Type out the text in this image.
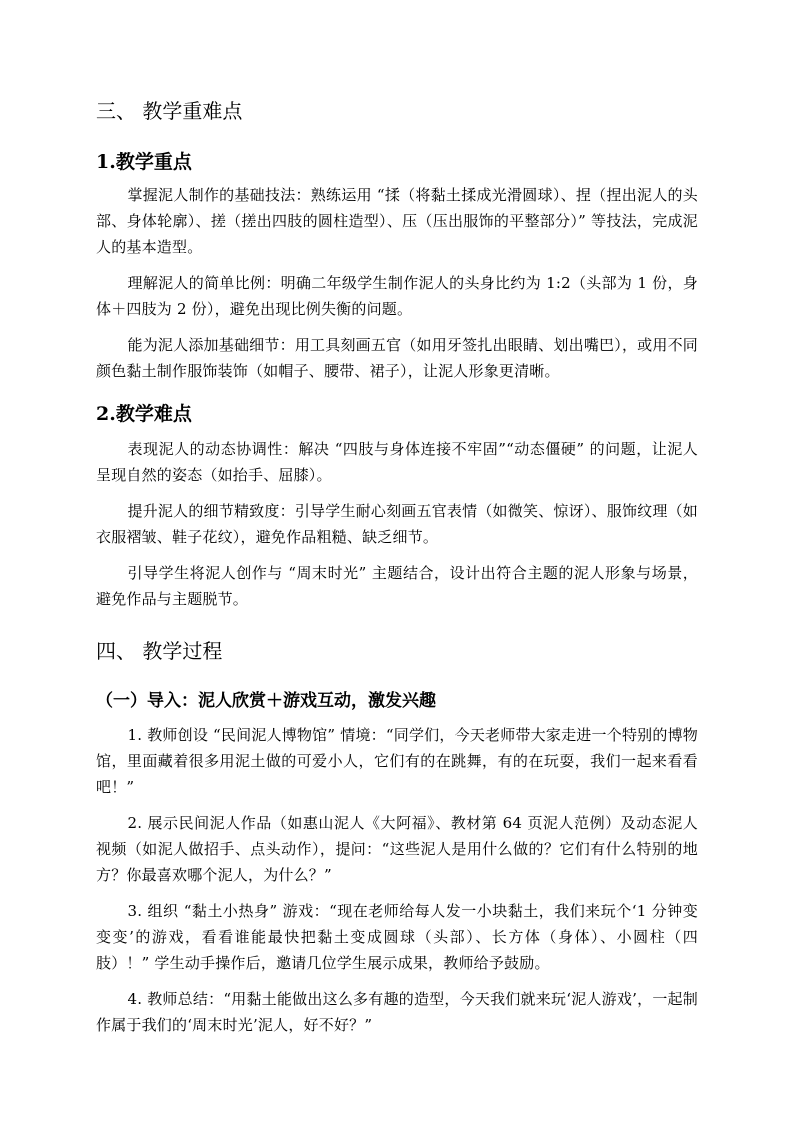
三、 教学重难点
1.教学重点

掌握泥人制作的基础技法：熟练运用 “揉（将黏土揉成光滑圆球）、捏（捏出泥人的头部、身体轮廓）、搓（搓出四肢的圆柱造型）、压（压出服饰的平整部分）” 等技法，完成泥人的基本造型。

理解泥人的简单比例：明确二年级学生制作泥人的头身比约为 1:2（头部为 1 份，身体＋四肢为 2 份），避免出现比例失衡的问题。

能为泥人添加基础细节：用工具刻画五官（如用牙签扎出眼睛、划出嘴巴），或用不同颜色黏土制作服饰装饰（如帽子、腰带、裙子），让泥人形象更清晰。

2.教学难点

表现泥人的动态协调性：解决 “四肢与身体连接不牢固”“动态僵硬” 的问题，让泥人呈现自然的姿态（如抬手、屈膝）。

提升泥人的细节精致度：引导学生耐心刻画五官表情（如微笑、惊讶）、服饰纹理（如衣服褶皱、鞋子花纹），避免作品粗糙、缺乏细节。

引导学生将泥人创作与 “周末时光” 主题结合，设计出符合主题的泥人形象与场景，避免作品与主题脱节。

四、 教学过程
（一）导入：泥人欣赏＋游戏互动，激发兴趣

1. 教师创设 “民间泥人博物馆” 情境：“同学们，今天老师带大家走进一个特别的博物馆，里面藏着很多用泥土做的可爱小人，它们有的在跳舞，有的在玩耍，我们一起来看看吧！”

2. 展示民间泥人作品（如惠山泥人《大阿福》、教材第 64 页泥人范例）及动态泥人视频（如泥人做招手、点头动作），提问：“这些泥人是用什么做的？它们有什么特别的地方？你最喜欢哪个泥人，为什么？”

3. 组织 “黏土小热身” 游戏：“现在老师给每人发一小块黏土，我们来玩个‘1 分钟变变变’的游戏，看看谁能最快把黏土变成圆球（头部）、长方体（身体）、小圆柱（四肢）！” 学生动手操作后，邀请几位学生展示成果，教师给予鼓励。

4. 教师总结：“用黏土能做出这么多有趣的造型，今天我们就来玩‘泥人游戏’，一起制作属于我们的‘周末时光’泥人，好不好？”
